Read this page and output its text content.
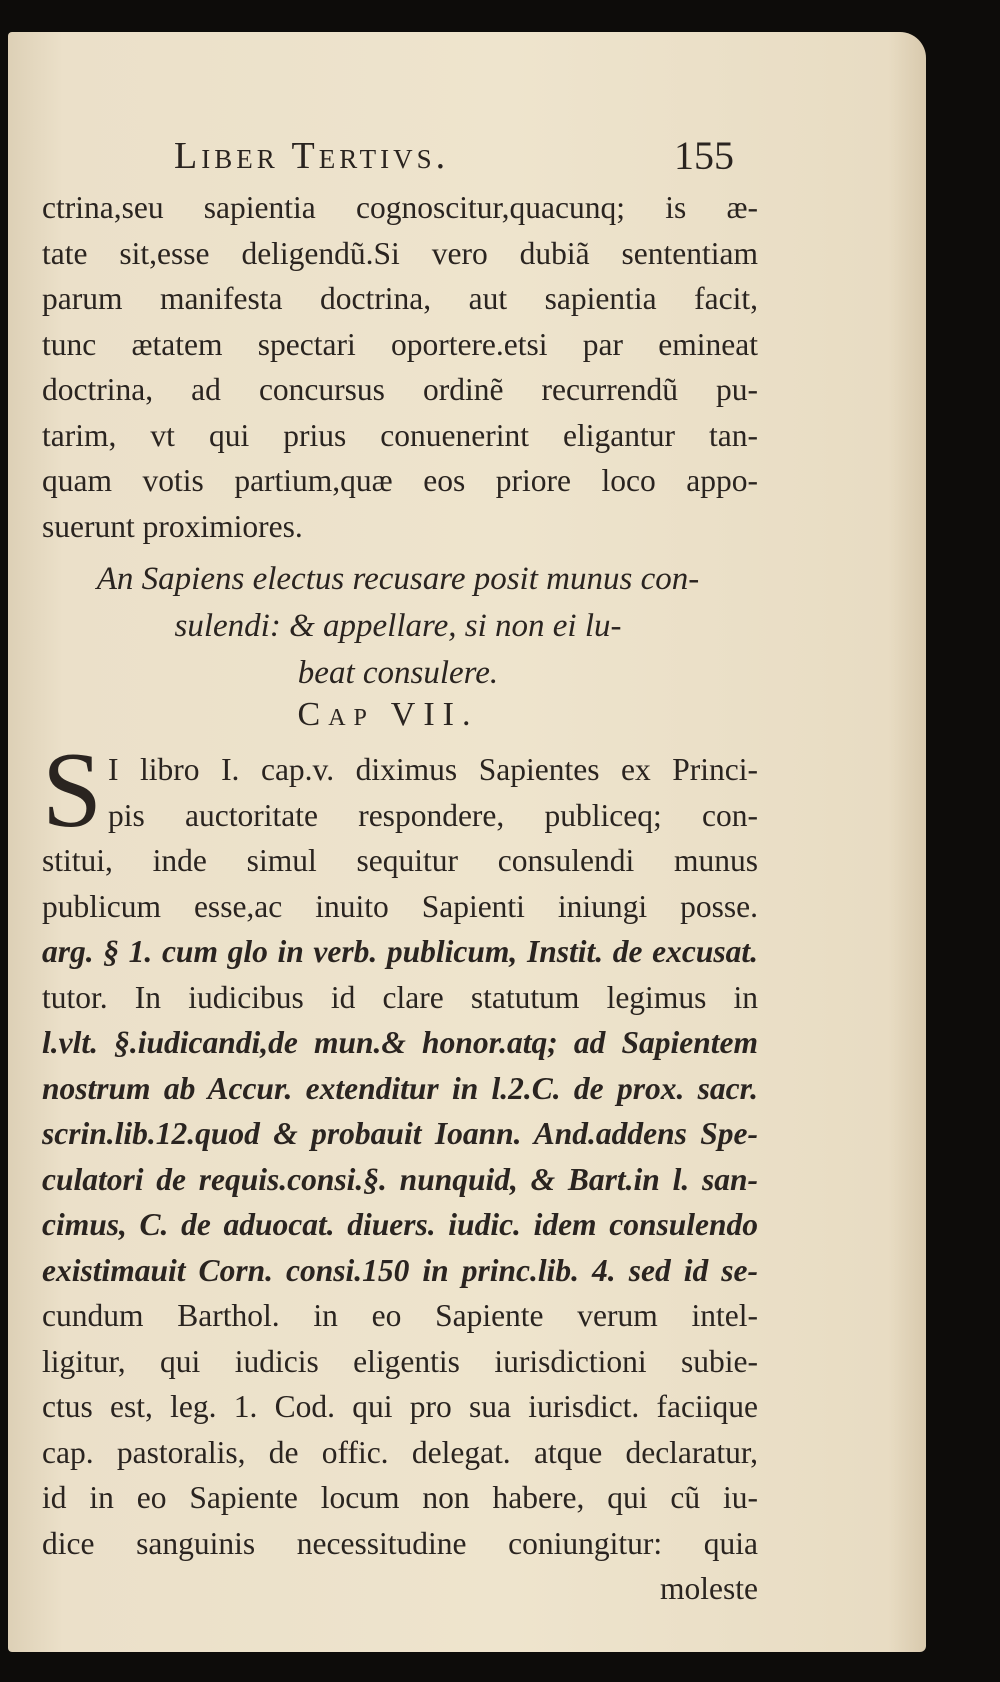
Liber Tertivs.	155
ctrina,seu sapientia cognoscitur,quacunq; is æ-
tate sit,esse deligendũ.Si vero dubiã sententiam
parum manifesta doctrina, aut sapientia facit,
tunc ætatem spectari oportere.etsi par emineat
doctrina, ad concursus ordinẽ recurrendũ pu-
tarim, vt qui prius conuenerint eligantur tan-
quam votis partium,quæ eos priore loco appo-
suerunt proximiores.
An Sapiens electus recusare posit munus con-
sulendi: & appellare, si non ei lu-
beat consulere.
Cap VII.
S I libro I. cap.v. diximus Sapientes ex Princi-
pis auctoritate respondere, publiceq; con-
stitui, inde simul sequitur consulendi munus
publicum esse,ac inuito Sapienti iniungi posse.
arg. § 1. cum glo in verb. publicum, Instit. de excusat.
tutor. In iudicibus id clare statutum legimus in
l.vlt. §.iudicandi,de mun.& honor.atq; ad Sapientem
nostrum ab Accur. extenditur in l.2.C. de prox. sacr.
scrin.lib.12.quod & probauit Ioann. And.addens Spe-
culatori de requis.consi.§. nunquid, & Bart.in l. san-
cimus, C. de aduocat. diuers. iudic. idem consulendo
existimauit Corn. consi.150 in princ.lib. 4. sed id se-
cundum Barthol. in eo Sapiente verum intel-
ligitur, qui iudicis eligentis iurisdictioni subie-
ctus est, leg. 1. Cod. qui pro sua iurisdict. faciique
cap. pastoralis, de offic. delegat. atque declaratur,
id in eo Sapiente locum non habere, qui cũ iu-
dice sanguinis necessitudine coniungitur: quia
moleste
